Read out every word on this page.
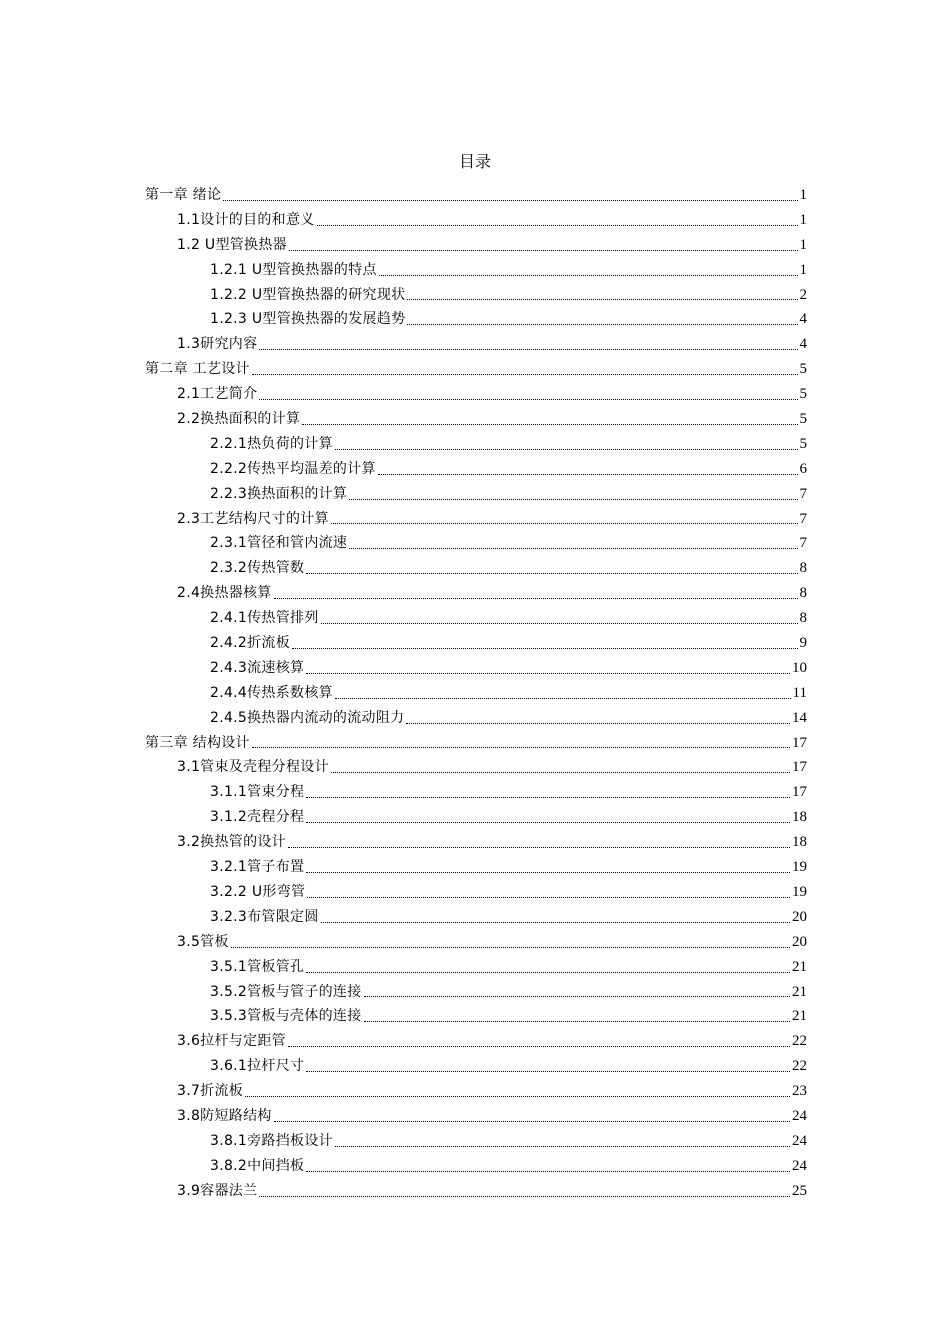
目录
第一章 绪论	1
1.1设计的目的和意义	1
1.2 U型管换热器	1
1.2.1 U型管换热器的特点	1
1.2.2 U型管换热器的研究现状	2
1.2.3 U型管换热器的发展趋势	4
1.3研究内容	4
第二章 工艺设计	5
2.1工艺简介	5
2.2换热面积的计算	5
2.2.1热负荷的计算	5
2.2.2传热平均温差的计算	6
2.2.3换热面积的计算	7
2.3工艺结构尺寸的计算	7
2.3.1管径和管内流速	7
2.3.2传热管数	8
2.4换热器核算	8
2.4.1传热管排列	8
2.4.2折流板	9
2.4.3流速核算	10
2.4.4传热系数核算	11
2.4.5换热器内流动的流动阻力	14
第三章 结构设计	17
3.1管束及壳程分程设计	17
3.1.1管束分程	17
3.1.2壳程分程	18
3.2换热管的设计	18
3.2.1管子布置	19
3.2.2 U形弯管	19
3.2.3布管限定圆	20
3.5管板	20
3.5.1管板管孔	21
3.5.2管板与管子的连接	21
3.5.3管板与壳体的连接	21
3.6拉杆与定距管	22
3.6.1拉杆尺寸	22
3.7折流板	23
3.8防短路结构	24
3.8.1旁路挡板设计	24
3.8.2中间挡板	24
3.9容器法兰	25
